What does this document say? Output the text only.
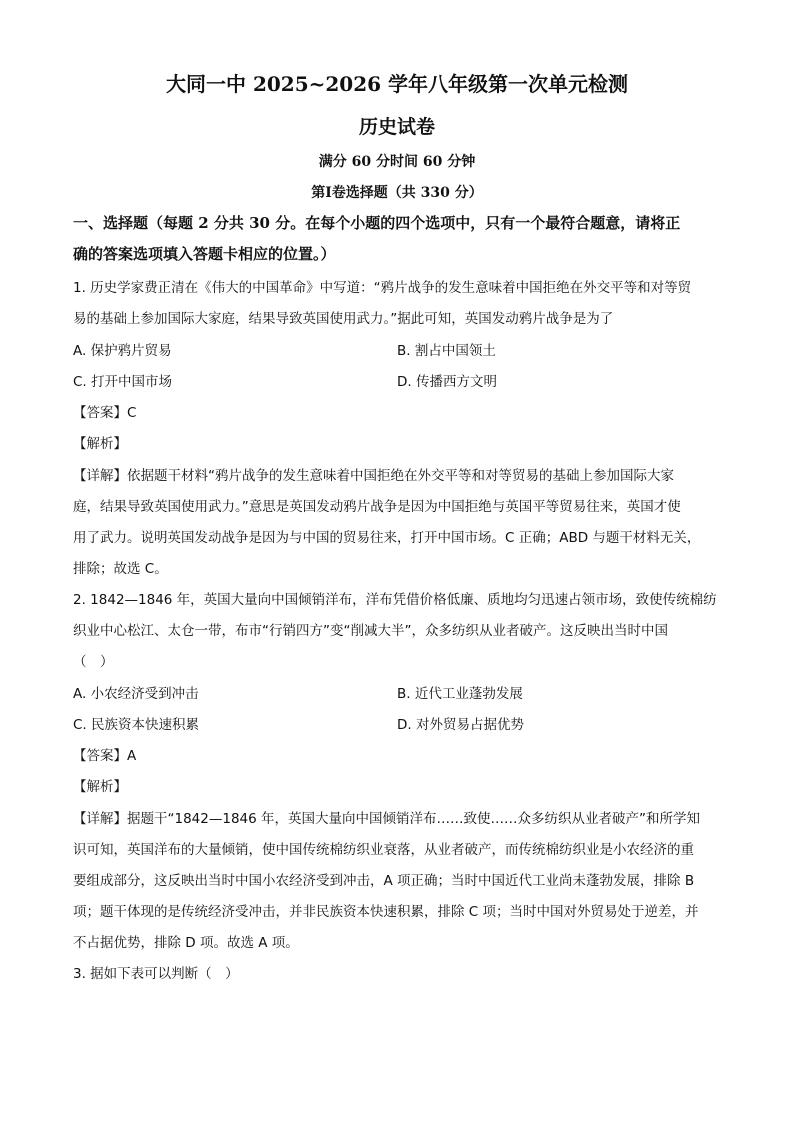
大同一中 2025~2026 学年八年级第一次单元检测
历史试卷
满分 60 分时间 60 分钟
第Ⅰ卷选择题（共 330 分）
一、选择题（每题 2 分共 30 分。在每个小题的四个选项中，只有一个最符合题意，请将正
确的答案选项填入答题卡相应的位置。）
1. 历史学家费正清在《伟大的中国革命》中写道：“鸦片战争的发生意味着中国拒绝在外交平等和对等贸
易的基础上参加国际大家庭，结果导致英国使用武力。”据此可知，英国发动鸦片战争是为了
A. 保护鸦片贸易	B. 割占中国领土
C. 打开中国市场	D. 传播西方文明
【答案】C
【解析】
【详解】依据题干材料“鸦片战争的发生意味着中国拒绝在外交平等和对等贸易的基础上参加国际大家
庭，结果导致英国使用武力。”意思是英国发动鸦片战争是因为中国拒绝与英国平等贸易往来，英国才使
用了武力。说明英国发动战争是因为与中国的贸易往来，打开中国市场。C 正确；ABD 与题干材料无关，
排除；故选 C。
2. 1842—1846 年，英国大量向中国倾销洋布，洋布凭借价格低廉、质地均匀迅速占领市场，致使传统棉纺
织业中心松江、太仓一带，布市“行销四方”变“削减大半”，众多纺织从业者破产。这反映出当时中国
（　）
A. 小农经济受到冲击	B. 近代工业蓬勃发展
C. 民族资本快速积累	D. 对外贸易占据优势
【答案】A
【解析】
【详解】据题干“1842—1846 年，英国大量向中国倾销洋布……致使……众多纺织从业者破产”和所学知
识可知，英国洋布的大量倾销，使中国传统棉纺织业衰落，从业者破产，而传统棉纺织业是小农经济的重
要组成部分，这反映出当时中国小农经济受到冲击，A 项正确；当时中国近代工业尚未蓬勃发展，排除 B
项；题干体现的是传统经济受冲击，并非民族资本快速积累，排除 C 项；当时中国对外贸易处于逆差，并
不占据优势，排除 D 项。故选 A 项。
3. 据如下表可以判断（　）
